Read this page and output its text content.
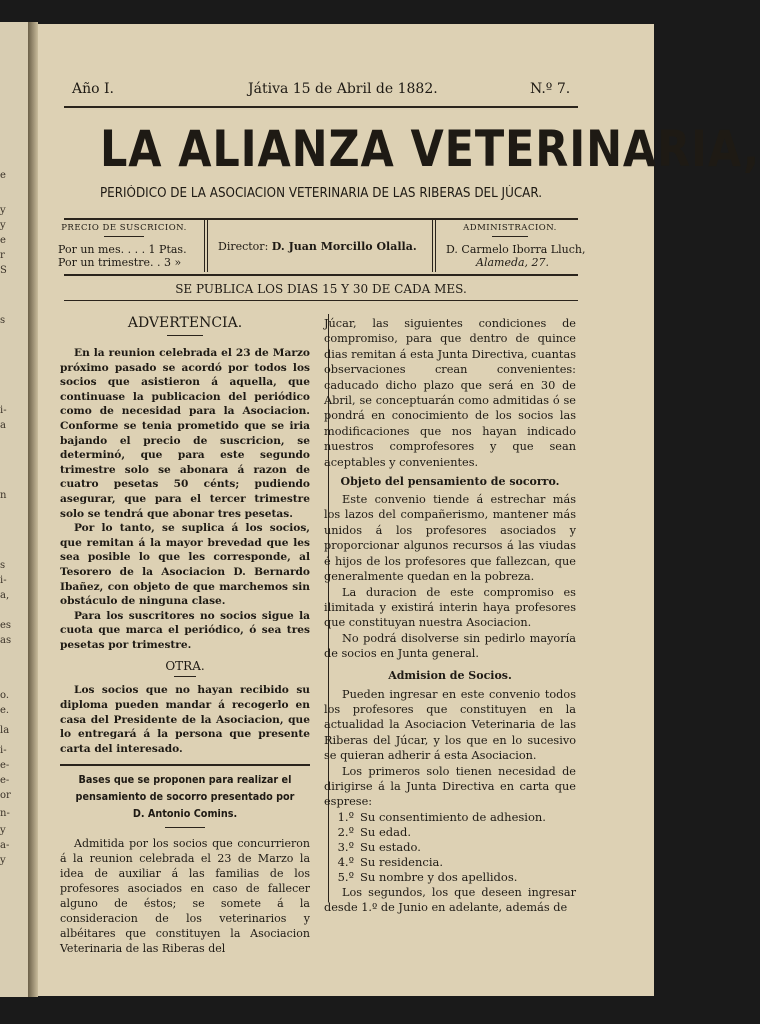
e
y
y
e
r
S
s
i-
a
n
s
i-
a,
es
as
o.
e.
la
i-
e-
e-
or
n-
y
a-
y
Año I.	Játiva 15 de Abril de 1882.	N.º 7.
LA ALIANZA VETERINARIA,
PERIÓDICO DE LA ASOCIACION VETERINARIA DE LAS RIBERAS DEL JÚCAR.
PRECIO DE SUSCRICION.
Por un mes. . . . 1 Ptas.
Por un trimestre. . 3 »
Director: D. Juan Morcillo Olalla.
ADMINISTRACION.
D. Carmelo Iborra Lluch,
Alameda, 27.
SE PUBLICA LOS DIAS 15 Y 30 DE CADA MES.
ADVERTENCIA.

En la reunion celebrada el 23 de Marzo próximo pasado se acordó por todos los socios que asistieron á aquella, que continuase la publicacion del periódico como de necesidad para la Asociacion. Conforme se tenia prometido que se iria bajando el precio de suscricion, se determinó, que para este segundo trimestre solo se abonara á razon de cuatro pesetas 50 cénts; pudiendo asegurar, que para el tercer trimestre solo se tendrá que abonar tres pesetas.

Por lo tanto, se suplica á los socios, que remitan á la mayor brevedad que les sea posible lo que les corresponde, al Tesorero de la Asociacion D. Bernardo Ibañez, con objeto de que marchemos sin obstáculo de ninguna clase.

Para los suscritores no socios sigue la cuota que marca el periódico, ó sea tres pesetas por trimestre.

OTRA.

Los socios que no hayan recibido su diploma pueden mandar á recogerlo en casa del Presidente de la Asociacion, que lo entregará á la persona que presente carta del interesado.

Bases que se proponen para realizar el pensamiento de socorro presentado por D. Antonio Comins.

Admitida por los socios que concurrieron á la reunion celebrada el 23 de Marzo la idea de auxiliar á las familias de los profesores asociados en caso de fallecer alguno de éstos; se somete á la consideracion de los veterinarios y albéitares que constituyen la Asociacion Veterinaria de las Riberas del

Júcar, las siguientes condiciones de compromiso, para que dentro de quince dias remitan á esta Junta Directiva, cuantas observaciones crean convenientes: caducado dicho plazo que será en 30 de Abril, se conceptuarán como admitidas ó se pondrá en conocimiento de los socios las modificaciones que nos hayan indicado nuestros comprofesores y que sean aceptables y convenientes.

Objeto del pensamiento de socorro.

Este convenio tiende á estrechar más los lazos del compañerismo, mantener más unidos á los profesores asociados y proporcionar algunos recursos á las viudas é hijos de los profesores que fallezcan, que generalmente quedan en la pobreza.

La duracion de este compromiso es ilimitada y existirá interin haya profesores que constituyan nuestra Asociacion.

No podrá disolverse sin pedirlo mayoría de socios en Junta general.

Admision de Socios.

Pueden ingresar en este convenio todos los profesores que constituyen en la actualidad la Asociacion Veterinaria de las Riberas del Júcar, y los que en lo sucesivo se quieran adherir á esta Asociacion.

Los primeros solo tienen necesidad de dirigirse á la Junta Directiva en carta que esprese:

1.º Su consentimiento de adhesion.
2.º Su edad.
3.º Su estado.
4.º Su residencia.
5.º Su nombre y dos apellidos.

Los segundos, los que deseen ingresar desde 1.º de Junio en adelante, además de
